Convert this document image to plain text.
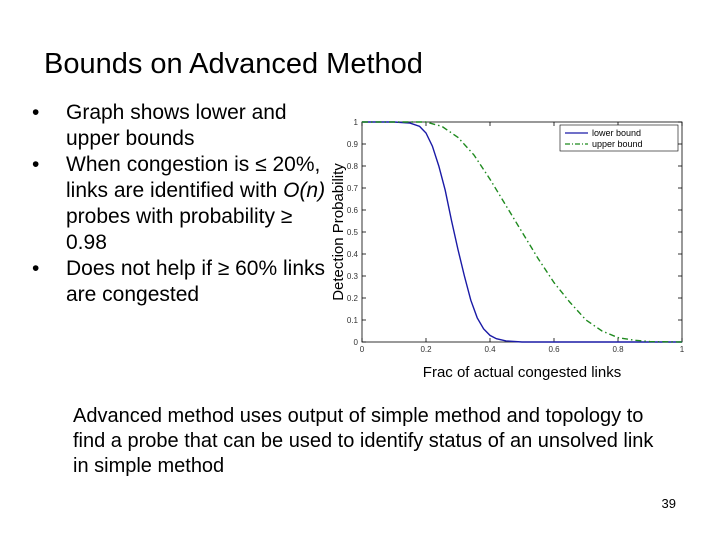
Bounds on Advanced Method
• Graph shows lower and upper bounds
• When congestion is ≤ 20%, links are identified with O(n) probes with probability ≥ 0.98
• Does not help if ≥ 60% links are congested
0
0.1
0.2
0.3
0.4
0.5
0.6
0.7
0.8
0.9
1
0	0.2	0.4	0.6	0.8	1
lower bound
upper bound
Frac of actual congested links
Detection Probability
Advanced method uses output of simple method and topology to find a probe that can be used to identify status of an unsolved link in simple method
39
